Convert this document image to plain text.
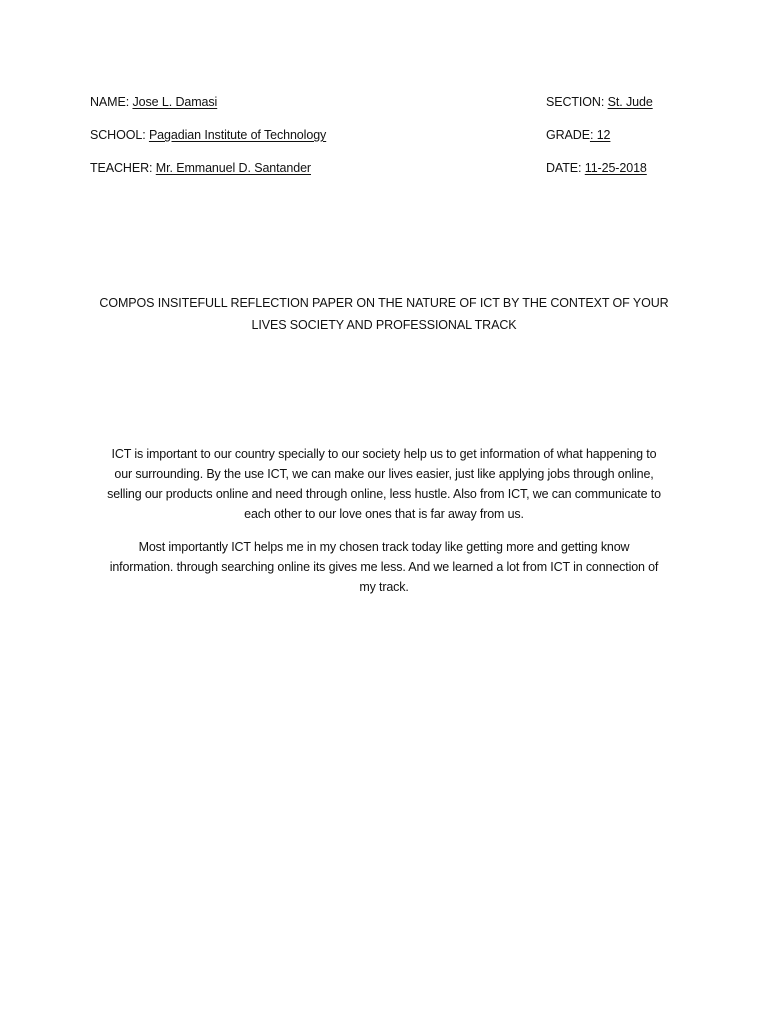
NAME: Jose L. Damasi
SCHOOL: Pagadian Institute of Technology
TEACHER: Mr. Emmanuel D. Santander
SECTION: St. Jude
GRADE: 12
DATE: 11-25-2018
COMPOS INSITEFULL REFLECTION PAPER ON THE NATURE OF ICT BY THE CONTEXT OF YOUR
LIVES SOCIETY AND PROFESSIONAL TRACK
ICT is important to our country specially to our society help us to get information of what happening to
our surrounding. By the use ICT, we can make our lives easier, just like applying jobs through online,
selling our products online and need through online, less hustle. Also from ICT, we can communicate to
each other to our love ones that is far away from us.
Most importantly ICT helps me in my chosen track today like getting more and getting know
information. through searching online its gives me less. And we learned a lot from ICT in connection of
my track.
